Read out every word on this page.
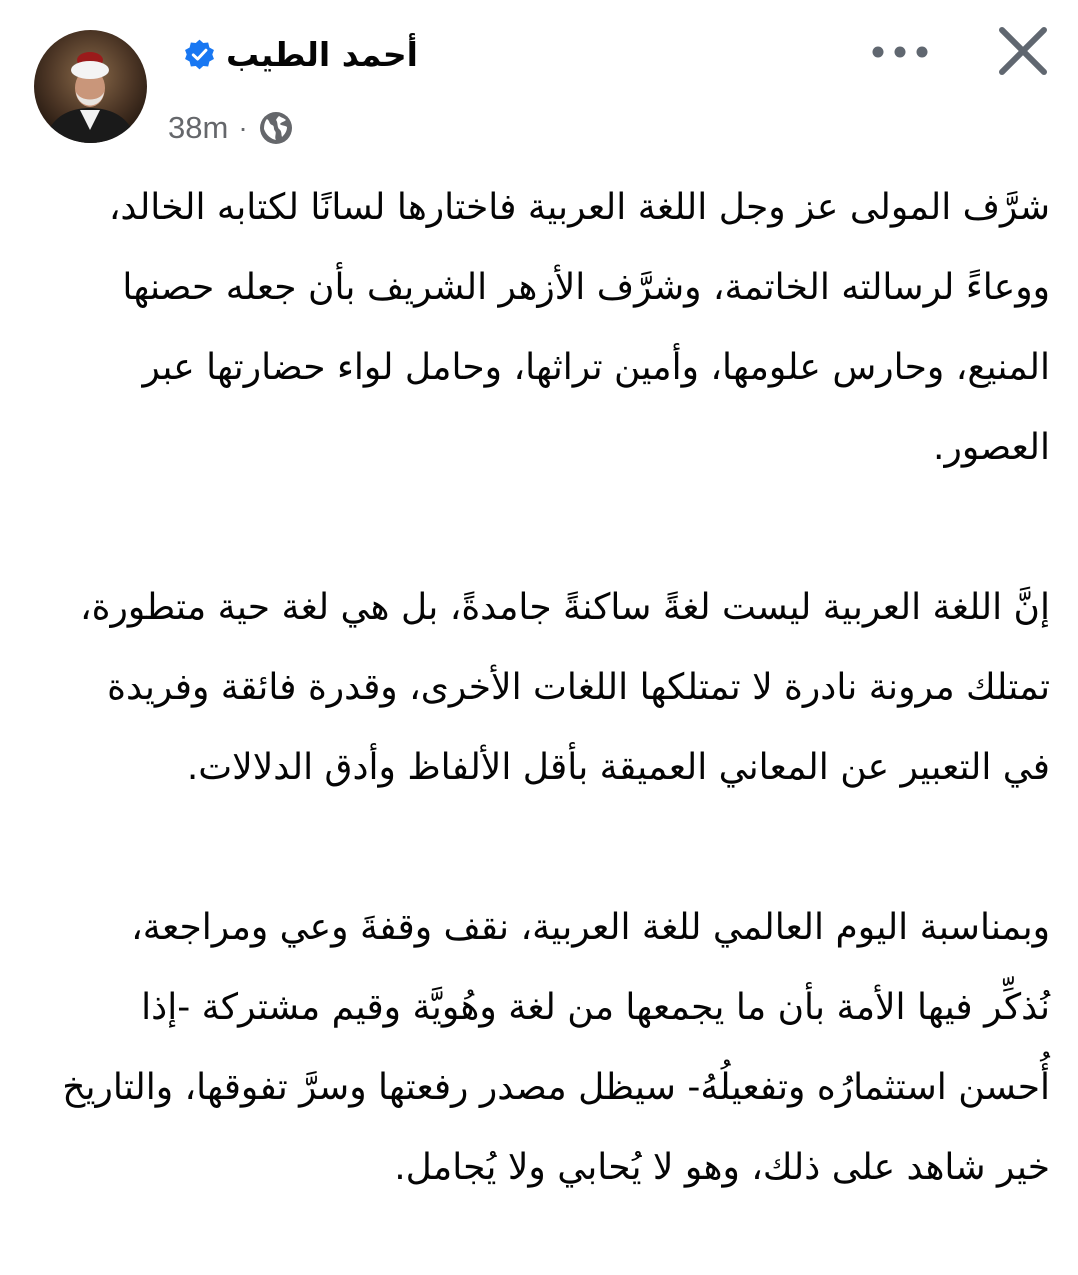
أحمد الطيب
38m ·

شرَّف المولى عز وجل اللغة العربية فاختارها لسانًا لكتابه الخالد، ووعاءً لرسالته الخاتمة، وشرَّف الأزهر الشريف بأن جعله حصنها المنيع، وحارس علومها، وأمين تراثها، وحامل لواء حضارتها عبر العصور.

إنَّ اللغة العربية ليست لغةً ساكنةً جامدةً، بل هي لغة حية متطورة، تمتلك مرونة نادرة لا تمتلكها اللغات الأخرى، وقدرة فائقة وفريدة في التعبير عن المعاني العميقة بأقل الألفاظ وأدق الدلالات.

وبمناسبة اليوم العالمي للغة العربية، نقف وقفةَ وعي ومراجعة، نُذكِّر فيها الأمة بأن ما يجمعها من لغة وهُويَّة وقيم مشتركة -إذا أُحسن استثمارُه وتفعيلُهُ- سيظل مصدر رفعتها وسرَّ تفوقها، والتاريخ خير شاهد على ذلك، وهو لا يُحابي ولا يُجامل.
